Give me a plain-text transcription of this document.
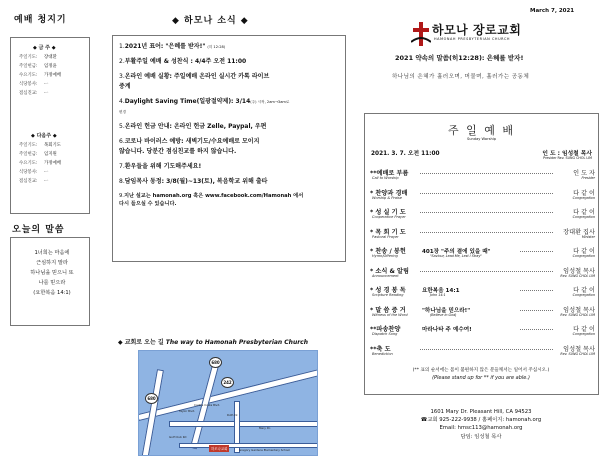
예배 청지기
◆ 금 주 ◆
주일기도: 장대환
주일헌금: 임정윤
수요기도: 가정예배
식당봉사: ㅡ
점심진교: ㅡ
◆ 다음주 ◆
주일기도: 목회기도
주일헌금: 임지원
수요기도: 가정예배
식당봉사: ㅡ
점심진교: ㅡ
오늘의 말씀
1너희는 마음에
근심하지 말라
하나님을 믿으니 또
나를 믿으라
(요한복음 14:1)
◆ 하모나 소식 ◆
1.2021년 표어: "은혜를 받자!" (히 12:28)
2.부활주일 예배 & 성찬식 : 4/4주 오전 11:00
3.온라인 예배 실황: 주일예배 온라인 실시간 카톡 라이브
중계
4.Daylight Saving Time(일광절약제): 3/14(주) 시작, 2am→3am로
변경
5.온라인 헌금 안내: 온라인 헌금 Zelle, Paypal, 우편
6.코로나 바이러스 예방: 새벽기도/수요예배로 모이지
않습니다. 당분간 점심친교를 하지 않습니다.
7.환우들을 위해 기도해주세요!
8.담임목사 동정: 3/8(월)~13(토), 복음학교 위해 출타
9.지난 설교는 hamonah.org 혹은 www.facebook.com/Hamonah 에서
다시 들으실 수 있습니다.
◆ 교회로 오는 길 The way to Hamonah Presbyterian Church
680
242
680
Contra Costa Blvd.
Mary Dr.
Gregory Gardens Elementary School
Ruth Dr.
Golf Club Rd
Taylor Blvd.
하모나교회
March 7, 2021
하모나 장로교회
HAMONAH PRESBYTERIAN CHURCH
2021 약속의 말씀(히12:28): 은혜를 받자!
하나님의 은혜가 흘러오며, 머물며, 흘러가는 공동체
주 일 예 배
Sunday Worship
2021. 3. 7. 오전 11:00	인 도 : 임성철 목사
Presider Rev. SUNG CHOL LIM
**예배로 부름
Call to Worship
인 도 자
Presider
* 찬양과 경배
Worship & Praise
다 같 이
Congregation
* 성 실 기 도
Cooperative Prayer
다 같 이
Congregation
* 목 회 기 도
Pastoral Prayer
장대환 집사
Minister
* 찬송 / 봉헌
Hymn/Offering
다 같 이
Congregation
401장 "주의 곁에 있을 때"
"Saviour, Lead Me, Lest I Stray"
* 소식 & 알림
Announcement
임성철 목사
Rev. SUNG CHOL LIM
* 성 경 봉 독
Scripture Reading
다 같 이
Congregation
요한복음 14:1
John 14:1
* 말 씀 증 거
Witness of the Word
임성철 목사
Rev. SUNG CHOL LIM
"하나님을 믿으라!"
(Believe in God)
**파송찬양
Dispatch Song
다 같 이
Congregation
마라나타 주 예수여!
**축 도
Benediction
임성철 목사
Rev. SUNG CHOL LIM
(** 표의 순서에는 몸이 불편하지 않은 분들께서는 일어서 주십시오.)
(Please stand up for ** if you are able.)
1601 Mary Dr. Pleasant Hill, CA 94523
☎교회 925-222-9938 / 홈페이지: hamonah.org
Email: hmsc113@hamonah.org
담임: 임성철 목사
